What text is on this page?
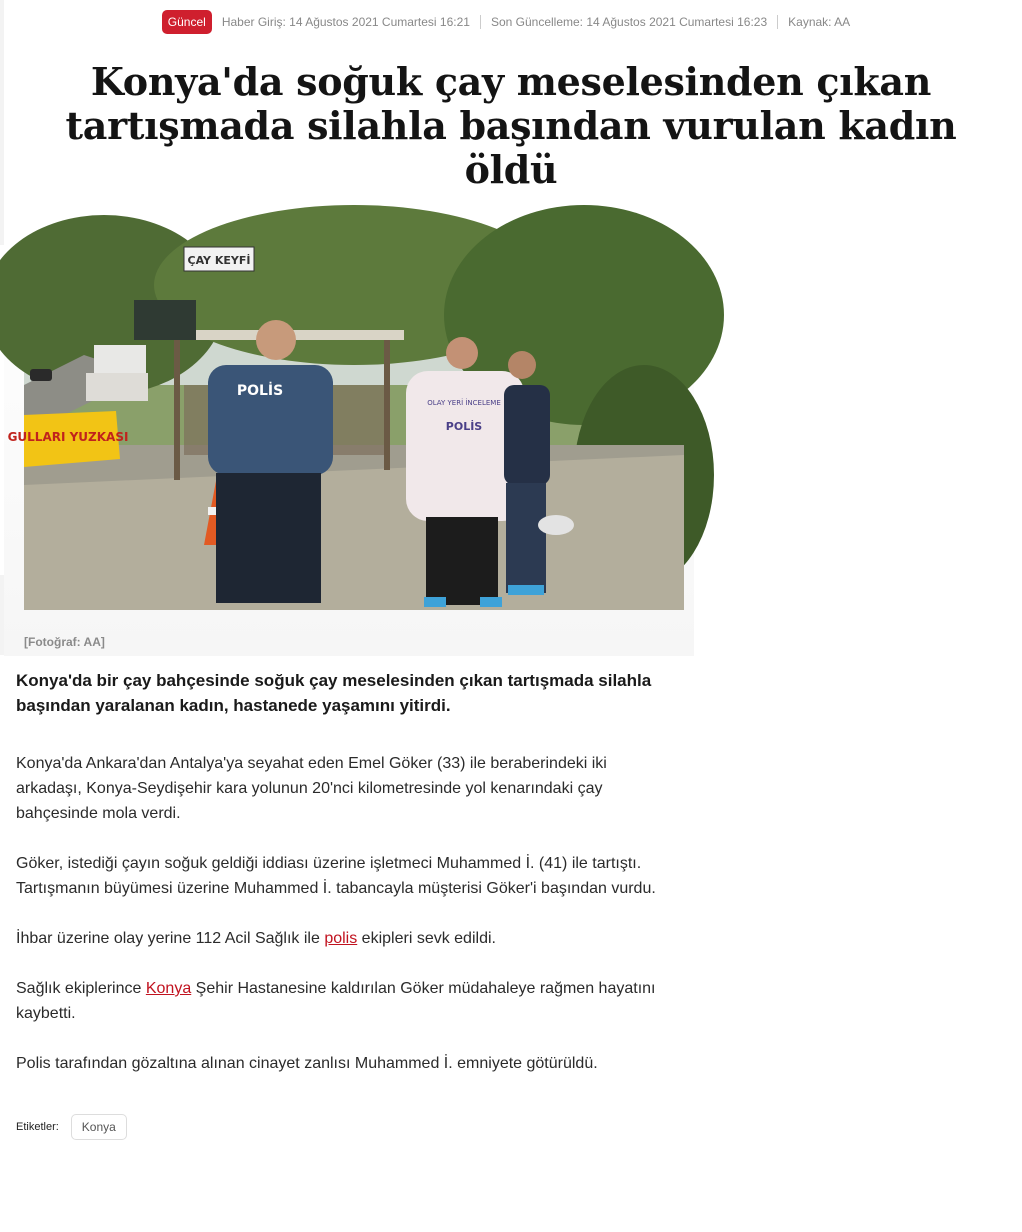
Güncel	Haber Giriş: 14 Ağustos 2021 Cumartesi 16:21	Son Güncelleme: 14 Ağustos 2021 Cumartesi 16:23	Kaynak: AA
Konya'da soğuk çay meselesinden çıkan tartışmada silahla başından vurulan kadın öldü
ÇAY KEYFİ
GULLARI YUZKASI
POLİS
POLİS
OLAY YERİ İNCELEME
[Fotoğraf: AA]

Konya'da bir çay bahçesinde soğuk çay meselesinden çıkan tartışmada silahla başından yaralanan kadın, hastanede yaşamını yitirdi.

Konya'da Ankara'dan Antalya'ya seyahat eden Emel Göker (33) ile beraberindeki iki arkadaşı, Konya-Seydişehir kara yolunun 20'nci kilometresinde yol kenarındaki çay bahçesinde mola verdi.

Göker, istediği çayın soğuk geldiği iddiası üzerine işletmeci Muhammed İ. (41) ile tartıştı. Tartışmanın büyümesi üzerine Muhammed İ. tabancayla müşterisi Göker'i başından vurdu.

İhbar üzerine olay yerine 112 Acil Sağlık ile polis ekipleri sevk edildi.

Sağlık ekiplerince Konya Şehir Hastanesine kaldırılan Göker müdahaleye rağmen hayatını kaybetti.

Polis tarafından gözaltına alınan cinayet zanlısı Muhammed İ. emniyete götürüldü.

Etiketler:	Konya
